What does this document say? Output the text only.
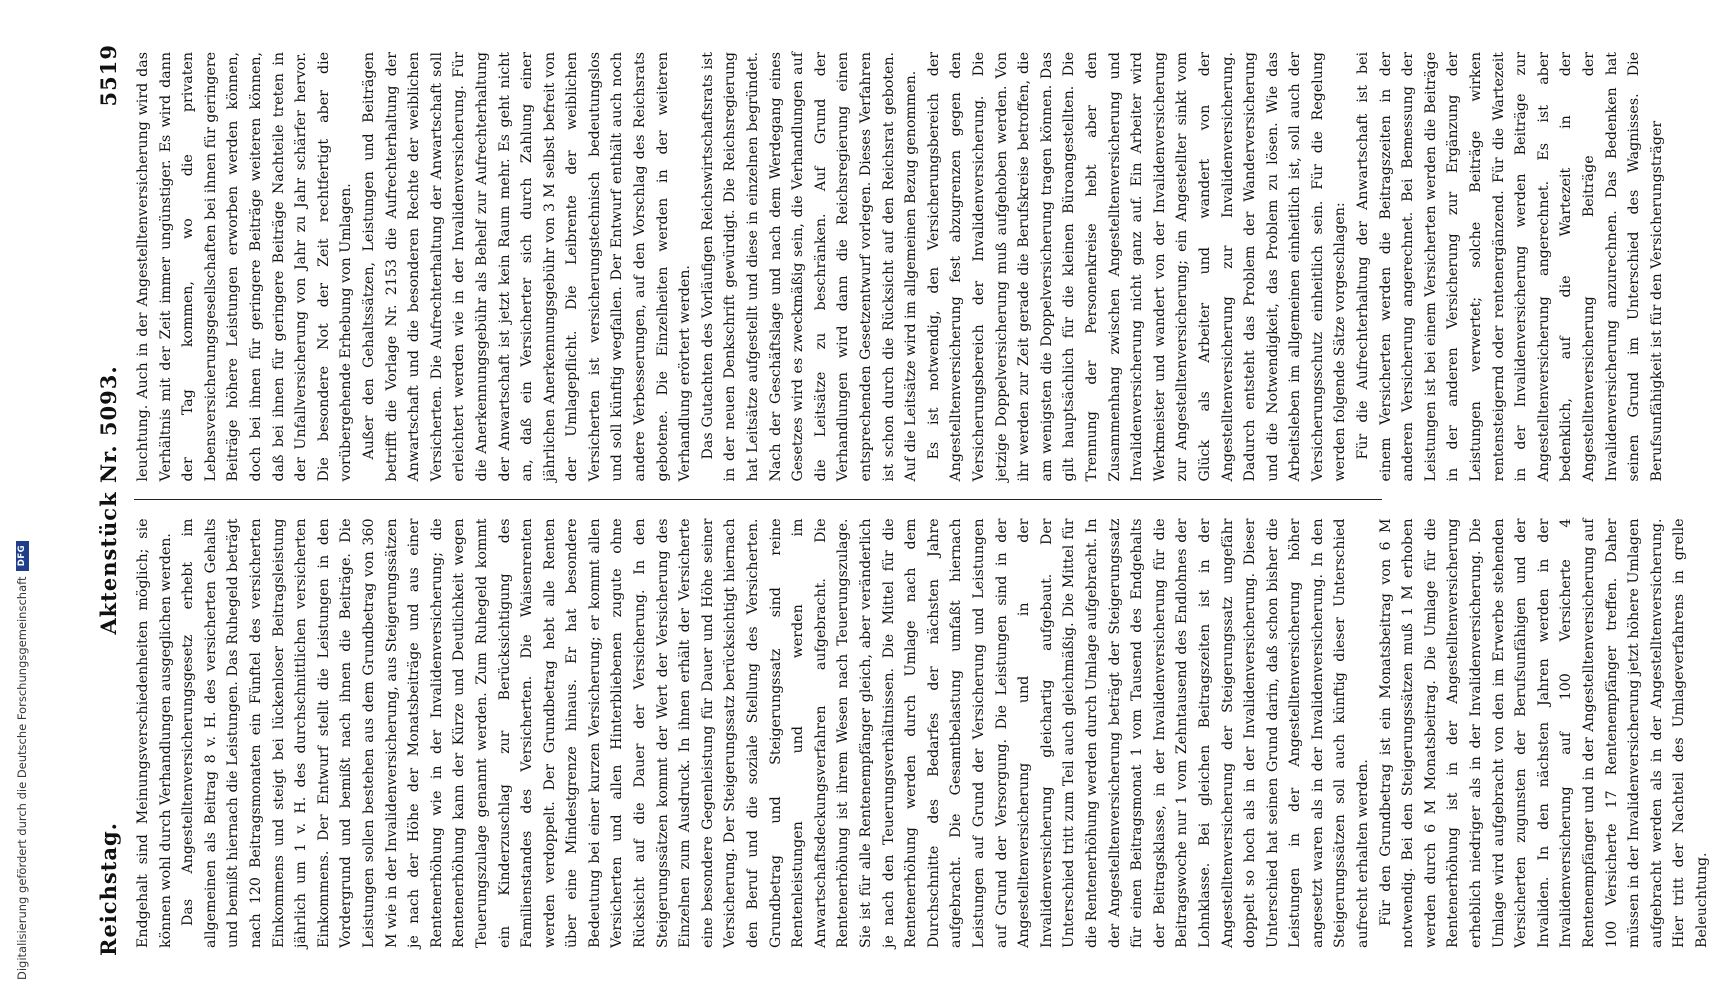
Digitalisierung gefördert durch die Deutsche Forschungsgemeinschaft
DFG
Reichstag.
Aktenstück Nr. 5093.
5519

Endgehalt sind Meinungsverschiedenheiten möglich; sie können wohl durch Verhandlungen ausgeglichen werden. Das Angestelltenversicherungsgesetz erhebt im allgemeinen als Beitrag 8 v. H. des versicherten Gehalts und bemißt hiernach die Leistungen. Das Ruhegeld beträgt nach 120 Beitragsmonaten ein Fünftel des versicherten Einkommens und steigt bei lückenloser Beitragsleistung jährlich um 1 v. H. des durchschnittlichen versicherten Einkommens. Der Entwurf stellt die Leistungen in den Vordergrund und bemißt nach ihnen die Beiträge. Die Leistungen sollen bestehen aus dem Grundbetrag von 360 M wie in der Invalidenversicherung, aus Steigerungssätzen je nach der Höhe der Monatsbeiträge und aus einer Rentenerhöhung wie in der Invalidenversicherung; die Rentenerhöhung kann der Kürze und Deutlichkeit wegen Teuerungszulage genannt werden. Zum Ruhegeld kommt ein Kinderzuschlag zur Berücksichtigung des Familienstandes des Versicherten. Die Waisenrenten werden verdoppelt. Der Grundbetrag hebt alle Renten über eine Mindestgrenze hinaus. Er hat besondere Bedeutung bei einer kurzen Versicherung; er kommt allen Versicherten und allen Hinterbliebenen zugute ohne Rücksicht auf die Dauer der Versicherung. In den Steigerungssätzen kommt der Wert der Versicherung des Einzelnen zum Ausdruck. In ihnen erhält der Versicherte eine besondere Gegenleistung für Dauer und Höhe seiner Versicherung. Der Steigerungssatz berücksichtigt hiernach den Beruf und die soziale Stellung des Versicherten. Grundbetrag und Steigerungssatz sind reine Rentenleistungen und werden im Anwartschaftsdeckungsverfahren aufgebracht. Die Rentenerhöhung ist ihrem Wesen nach Teuerungszulage. Sie ist für alle Rentenempfänger gleich, aber veränderlich je nach den Teuerungsverhältnissen. Die Mittel für die Rentenerhöhung werden durch Umlage nach dem Durchschnitte des Bedarfes der nächsten Jahre aufgebracht. Die Gesamtbelastung umfaßt hiernach Leistungen auf Grund der Versicherung und Leistungen auf Grund der Versorgung. Die Leistungen sind in der Angestelltenversicherung und in der Invalidenversicherung gleichartig aufgebaut. Der Unterschied tritt zum Teil auch gleichmäßig. Die Mittel für die Rentenerhöhung werden durch Umlage aufgebracht. In der Angestelltenversicherung beträgt der Steigerungssatz für einen Beitragsmonat 1 vom Tausend des Endgehalts der Beitragsklasse, in der Invalidenversicherung für die Beitragswoche nur 1 vom Zehntausend des Endlohnes der Lohnklasse. Bei gleichen Beitragszeiten ist in der Angestelltenversicherung der Steigerungssatz ungefähr doppelt so hoch als in der Invalidenversicherung. Dieser Unterschied hat seinen Grund darin, daß schon bisher die Leistungen in der Angestelltenversicherung höher angesetzt waren als in der Invalidenversicherung. In den Steigerungssätzen soll auch künftig dieser Unterschied aufrecht erhalten werden. Für den Grundbetrag ist ein Monatsbeitrag von 6 M notwendig. Bei den Steigerungssätzen muß 1 M erhoben werden durch 6 M Monatsbeitrag. Die Umlage für die Rentenerhöhung ist in der Angestelltenversicherung erheblich niedriger als in der Invalidenversicherung. Die Umlage wird aufgebracht von den im Erwerbe stehenden Versicherten zugunsten der Berufsunfähigen und der Invaliden. In den nächsten Jahren werden in der Invalidenversicherung auf 100 Versicherte 4 Rentenempfänger und in der Angestelltenversicherung auf 100 Versicherte 17 Rentenempfänger treffen. Daher müssen in der Invalidenversicherung jetzt höhere Umlagen aufgebracht werden als in der Angestelltenversicherung. Hier tritt der Nachteil des Umlageverfahrens in grelle Beleuchtung.

leuchtung. Auch in der Angestelltenversicherung wird das Verhältnis mit der Zeit immer ungünstiger. Es wird dann der Tag kommen, wo die privaten Lebensversicherungsgesellschaften bei ihnen für geringere Beiträge höhere Leistungen erworben werden können, doch bei ihnen für geringere Beiträge weiteren können, daß bei ihnen für geringere Beiträge Nachteile treten in der Unfallversicherung von Jahr zu Jahr schärfer hervor. Die besondere Not der Zeit rechtfertigt aber die vorübergehende Erhebung von Umlagen. Außer den Gehaltssätzen, Leistungen und Beiträgen betrifft die Vorlage Nr. 2153 die Aufrechterhaltung der Anwartschaft und die besonderen Rechte der weiblichen Versicherten. Die Aufrechterhaltung der Anwartschaft soll erleichtert werden wie in der Invalidenversicherung. Für die Anerkennungsgebühr als Behelf zur Aufrechterhaltung der Anwartschaft ist jetzt kein Raum mehr. Es geht nicht an, daß ein Versicherter sich durch Zahlung einer jährlichen Anerkennungsgebühr von 3 M selbst befreit von der Umlagepflicht. Die Leibrente der weiblichen Versicherten ist versicherungstechnisch bedeutungslos und soll künftig wegfallen. Der Entwurf enthält auch noch andere Verbesserungen, auf den Vorschlag des Reichsrats gebotene. Die Einzelheiten werden in der weiteren Verhandlung erörtert werden. Das Gutachten des Vorläufigen Reichswirtschaftsrats ist in der neuen Denkschrift gewürdigt. Die Reichsregierung hat Leitsätze aufgestellt und diese in einzelnen begründet. Nach der Geschäftslage und nach dem Werdegang eines Gesetzes wird es zweckmäßig sein, die Verhandlungen auf die Leitsätze zu beschränken. Auf Grund der Verhandlungen wird dann die Reichsregierung einen entsprechenden Gesetzentwurf vorlegen. Dieses Verfahren ist schon durch die Rücksicht auf den Reichsrat geboten. Auf die Leitsätze wird im allgemeinen Bezug genommen. Es ist notwendig, den Versicherungsbereich der Angestelltenversicherung fest abzugrenzen gegen den Versicherungsbereich der Invalidenversicherung. Die jetzige Doppelversicherung muß aufgehoben werden. Von ihr werden zur Zeit gerade die Berufskreise betroffen, die am wenigsten die Doppelversicherung tragen können. Das gilt hauptsächlich für die kleinen Büroangestellten. Die Trennung der Personenkreise hebt aber den Zusammenhang zwischen Angestelltenversicherung und Invalidenversicherung nicht ganz auf. Ein Arbeiter wird Werkmeister und wandert von der Invalidenversicherung zur Angestelltenversicherung; ein Angestellter sinkt vom Glück als Arbeiter und wandert von der Angestelltenversicherung zur Invalidenversicherung. Dadurch entsteht das Problem der Wanderversicherung und die Notwendigkeit, das Problem zu lösen. Wie das Arbeitsleben im allgemeinen einheitlich ist, soll auch der Versicherungsschutz einheitlich sein. Für die Regelung werden folgende Sätze vorgeschlagen: Für die Aufrechterhaltung der Anwartschaft ist bei einem Versicherten werden die Beitragszeiten in der anderen Versicherung angerechnet. Bei Bemessung der Leistungen ist bei einem Versicherten werden die Beiträge in der anderen Versicherung zur Ergänzung der Leistungen verwertet; solche Beiträge wirken rentensteigernd oder rentenergänzend. Für die Wartezeit in der Invalidenversicherung werden Beiträge zur Angestelltenversicherung angerechnet. Es ist aber bedenklich, auf die Wartezeit in der Angestelltenversicherung Beiträge der Invalidenversicherung anzurechnen. Das Bedenken hat seinen Grund im Unterschied des Wagnisses. Die Berufsunfähigkeit ist für den Versicherungsträger
